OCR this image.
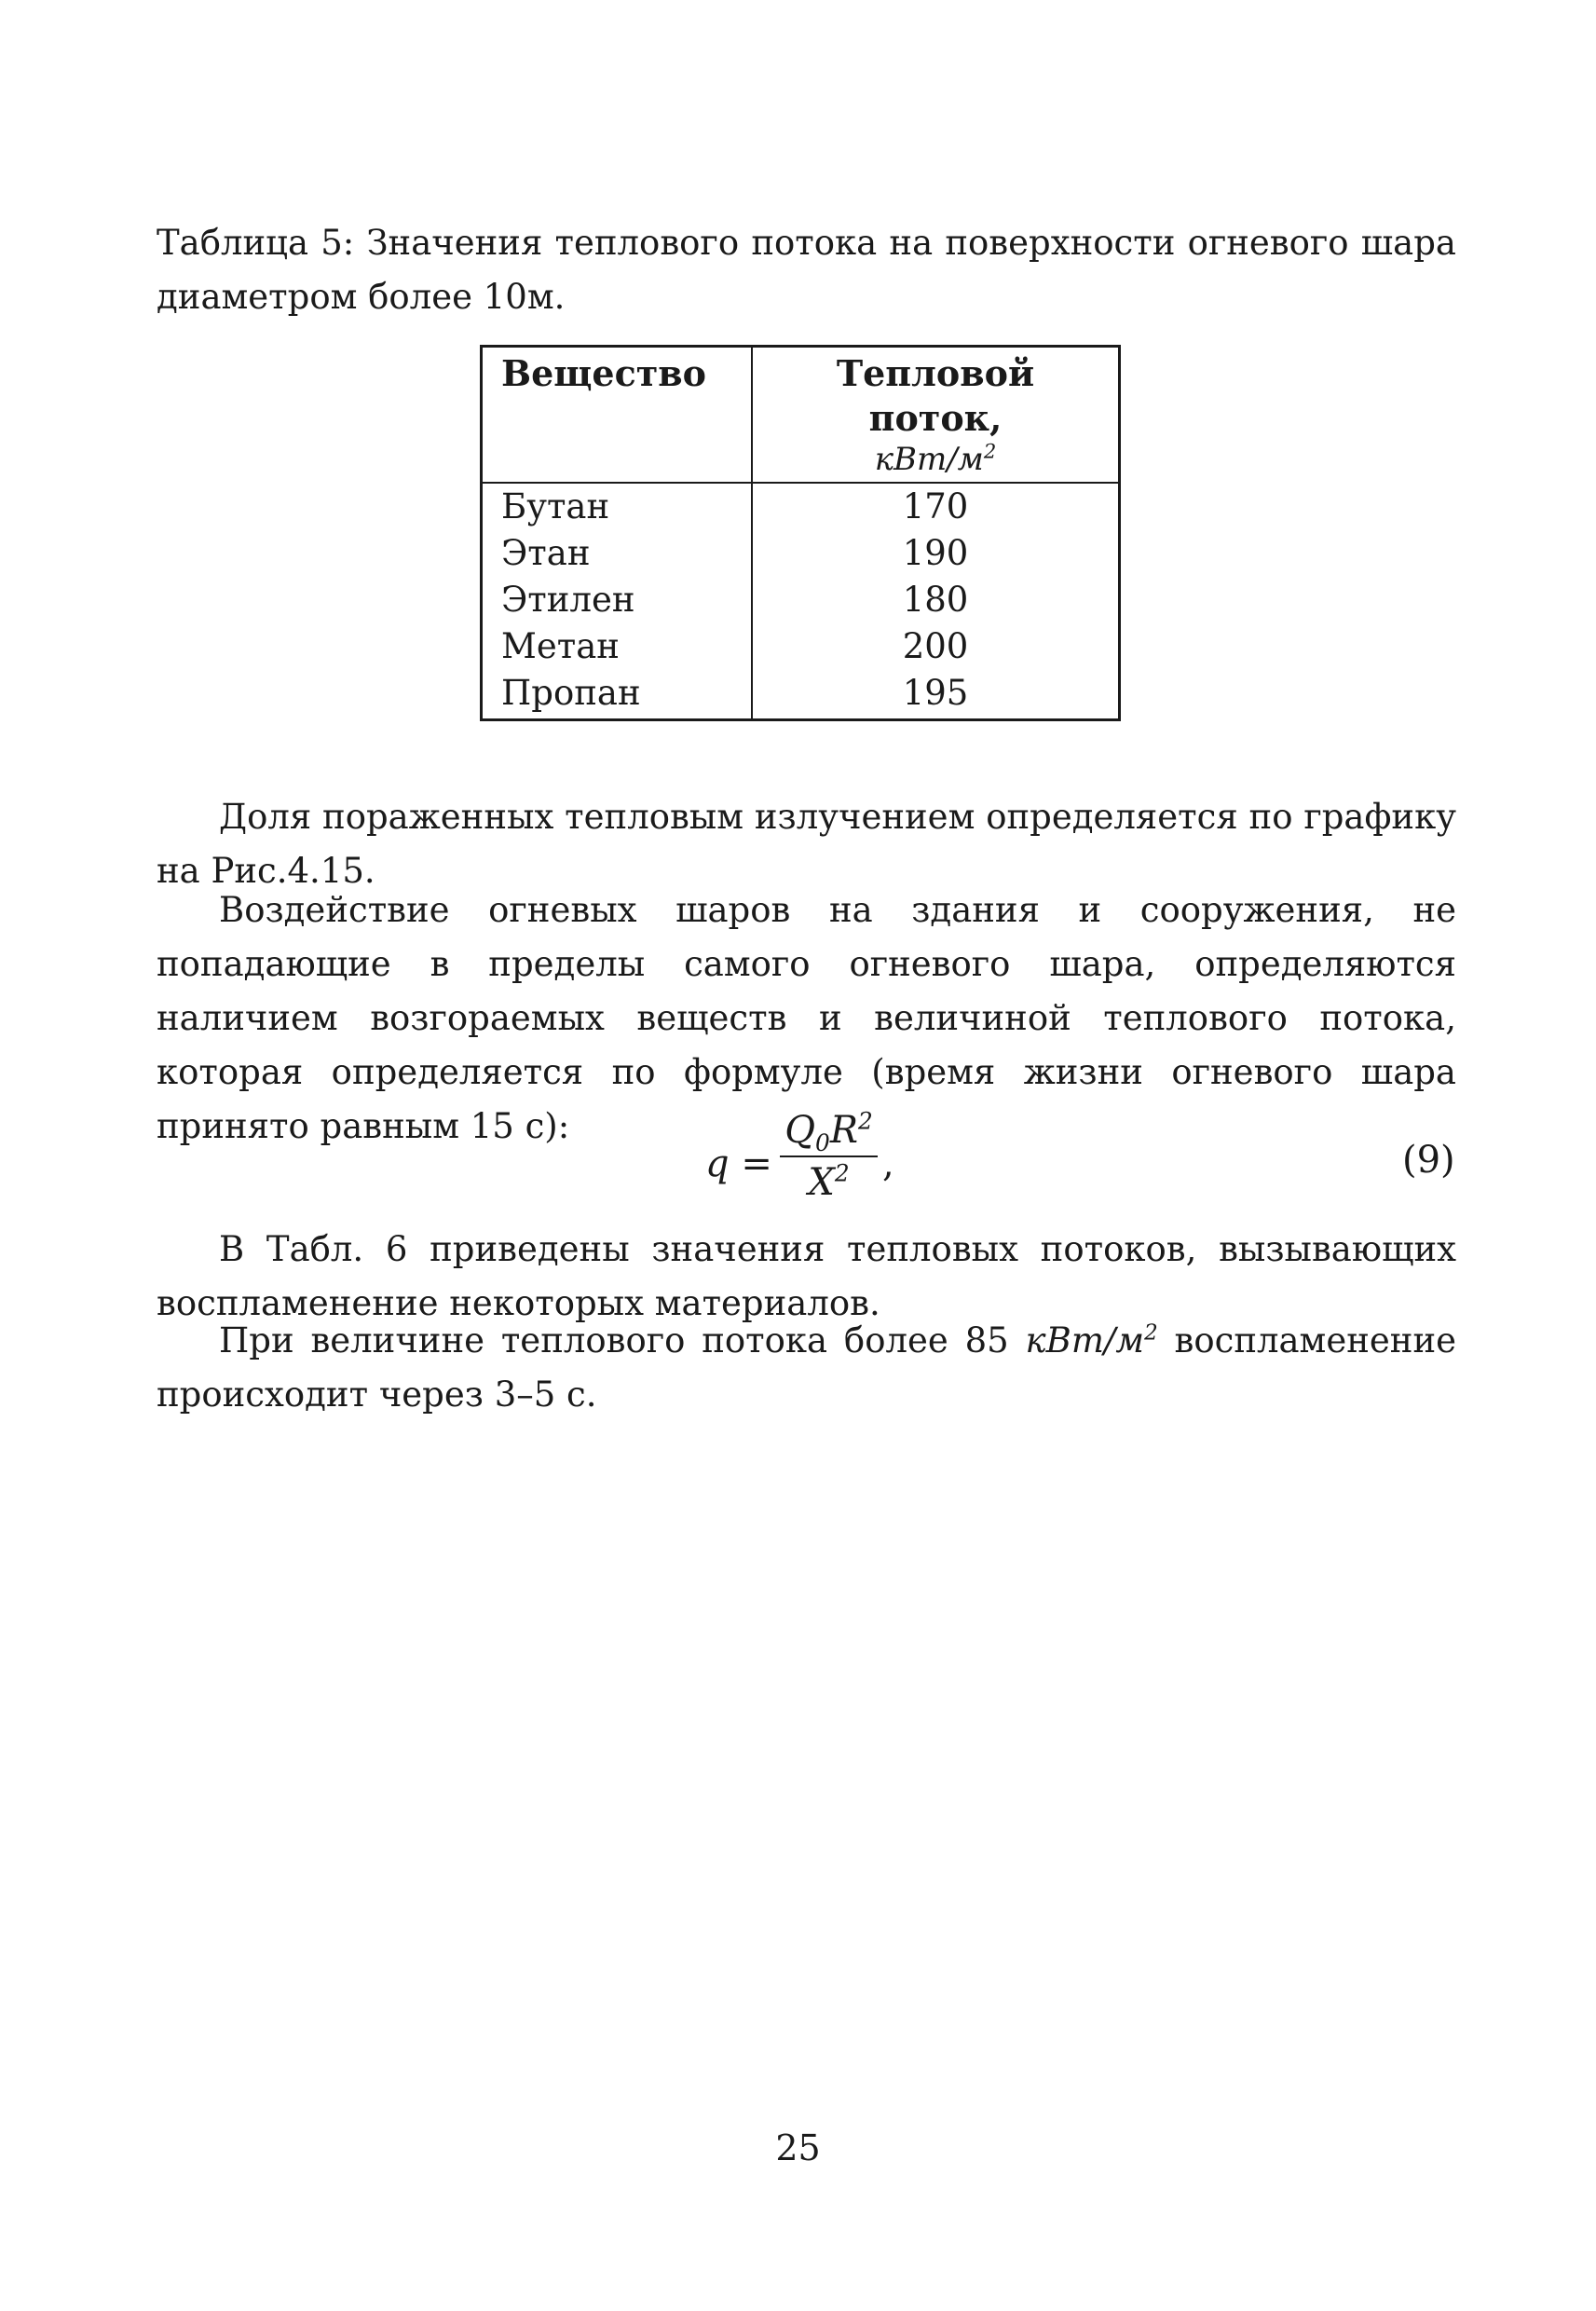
Таблица 5: Значения теплового потока на поверхности огневого шара диаметром более 10м.
Вещество	Тепловой поток,
кВт/$м^2$

Бутан	170
Этан	190
Этилен	180
Метан	200
Пропан	195
Доля пораженных тепловым излучением определяется по графику на Рис.4.15.
Воздействие огневых шаров на здания и сооружения, не попадающие в пределы самого огневого шара, определяются наличием возгораемых веществ и величиной теплового потока, которая определяется по формуле (время жизни огневого шара принято равным 15 с):
q =
$Q_0R^2$
$X^2$ ,	(9)
В Табл. 6 приведены значения тепловых потоков, вызывающих воспламенение некоторых материалов.
При величине теплового потока более 85 кВт/$м^2$ воспламенение происходит через 3–5 с.
25
